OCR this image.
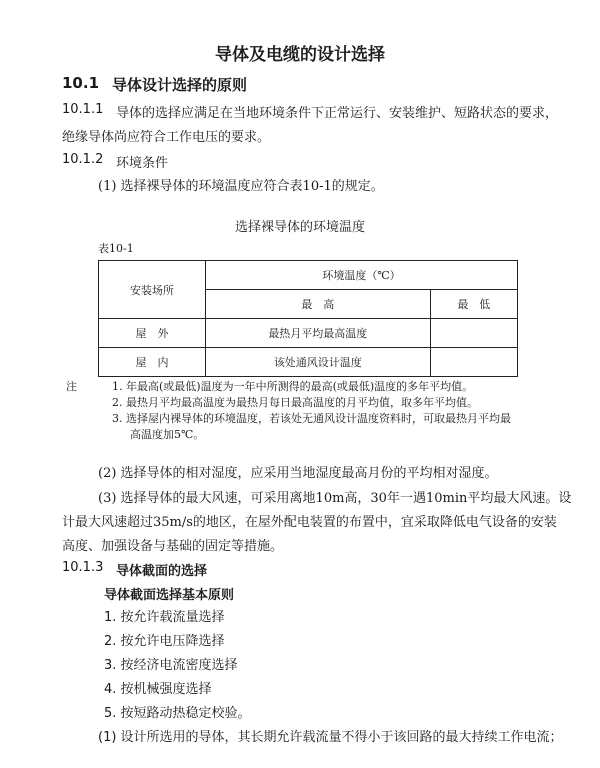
导体及电缆的设计选择
10.1 导体设计选择的原则
10.1.1 导体的选择应满足在当地环境条件下正常运行、安装维护、短路状态的要求，
绝缘导体尚应符合工作电压的要求。
10.1.2 环境条件
(1) 选择裸导体的环境温度应符合表10-1的规定。
选择裸导体的环境温度
表10-1
安装场所	环境温度（℃）	
	最　高	最　低
屋　外	最热月平均最高温度	
屋　内	该处通风设计温度	
注	1. 年最高(或最低)温度为一年中所测得的最高(或最低)温度的多年平均值。
2. 最热月平均最高温度为最热月每日最高温度的月平均值，取多年平均值。
3. 选择屋内裸导体的环境温度，若该处无通风设计温度资料时，可取最热月平均最
高温度加5℃。
(2) 选择导体的相对湿度，应采用当地湿度最高月份的平均相对湿度。
(3) 选择导体的最大风速，可采用离地10m高，30年一遇10min平均最大风速。设
计最大风速超过35m/s的地区，在屋外配电装置的布置中，宜采取降低电气设备的安装
高度、加强设备与基础的固定等措施。
10.1.3 导体截面的选择
导体截面选择基本原则
1. 按允许载流量选择
2. 按允许电压降选择
3. 按经济电流密度选择
4. 按机械强度选择
5. 按短路动热稳定校验。
(1) 设计所选用的导体，其长期允许载流量不得小于该回路的最大持续工作电流；
